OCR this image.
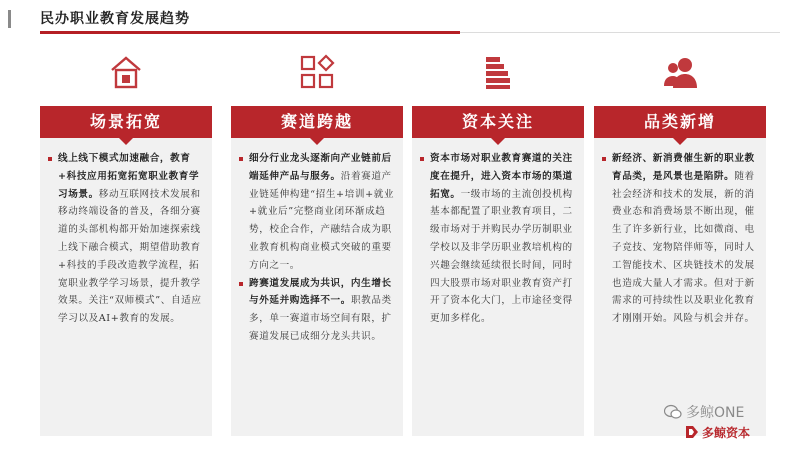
民办职业教育发展趋势
场景拓宽
线上线下模式加速融合，教育+科技应用拓宽拓宽职业教育学习场景。移动互联网技术发展和移动终端设备的普及，各细分赛道的头部机构都开始加速探索线上线下融合模式，期望借助教育+科技的手段改造教学流程，拓宽职业教学学习场景，提升教学效果。关注“双师模式”、自适应学习以及AI+教育的发展。
赛道跨越
细分行业龙头逐渐向产业链前后端延伸产品与服务。沿着赛道产业链延伸构建“招生+培训+就业+就业后”完整商业闭环渐成趋势，校企合作，产融结合成为职业教育机构商业模式突破的重要方向之一。
跨赛道发展成为共识，内生增长与外延并购选择不一。职教品类多，单一赛道市场空间有限，扩赛道发展已成细分龙头共识。
资本关注
资本市场对职业教育赛道的关注度在提升，进入资本市场的渠道拓宽。一级市场的主流创投机构基本都配置了职业教育项目，二级市场对于并购民办学历制职业学校以及非学历职业教培机构的兴趣会继续延续很长时间，同时四大股票市场对职业教育资产打开了资本化大门，上市途径变得更加多样化。
品类新增
新经济、新消费催生新的职业教育品类，是风景也是陷阱。随着社会经济和技术的发展，新的消费业态和消费场景不断出现，催生了许多新行业，比如微商、电子竞技、宠物陪伴师等，同时人工智能技术、区块链技术的发展也造成大量人才需求。但对于新需求的可持续性以及职业化教育才刚刚开始。风险与机会并存。
多鲸ONE
多鲸资本
